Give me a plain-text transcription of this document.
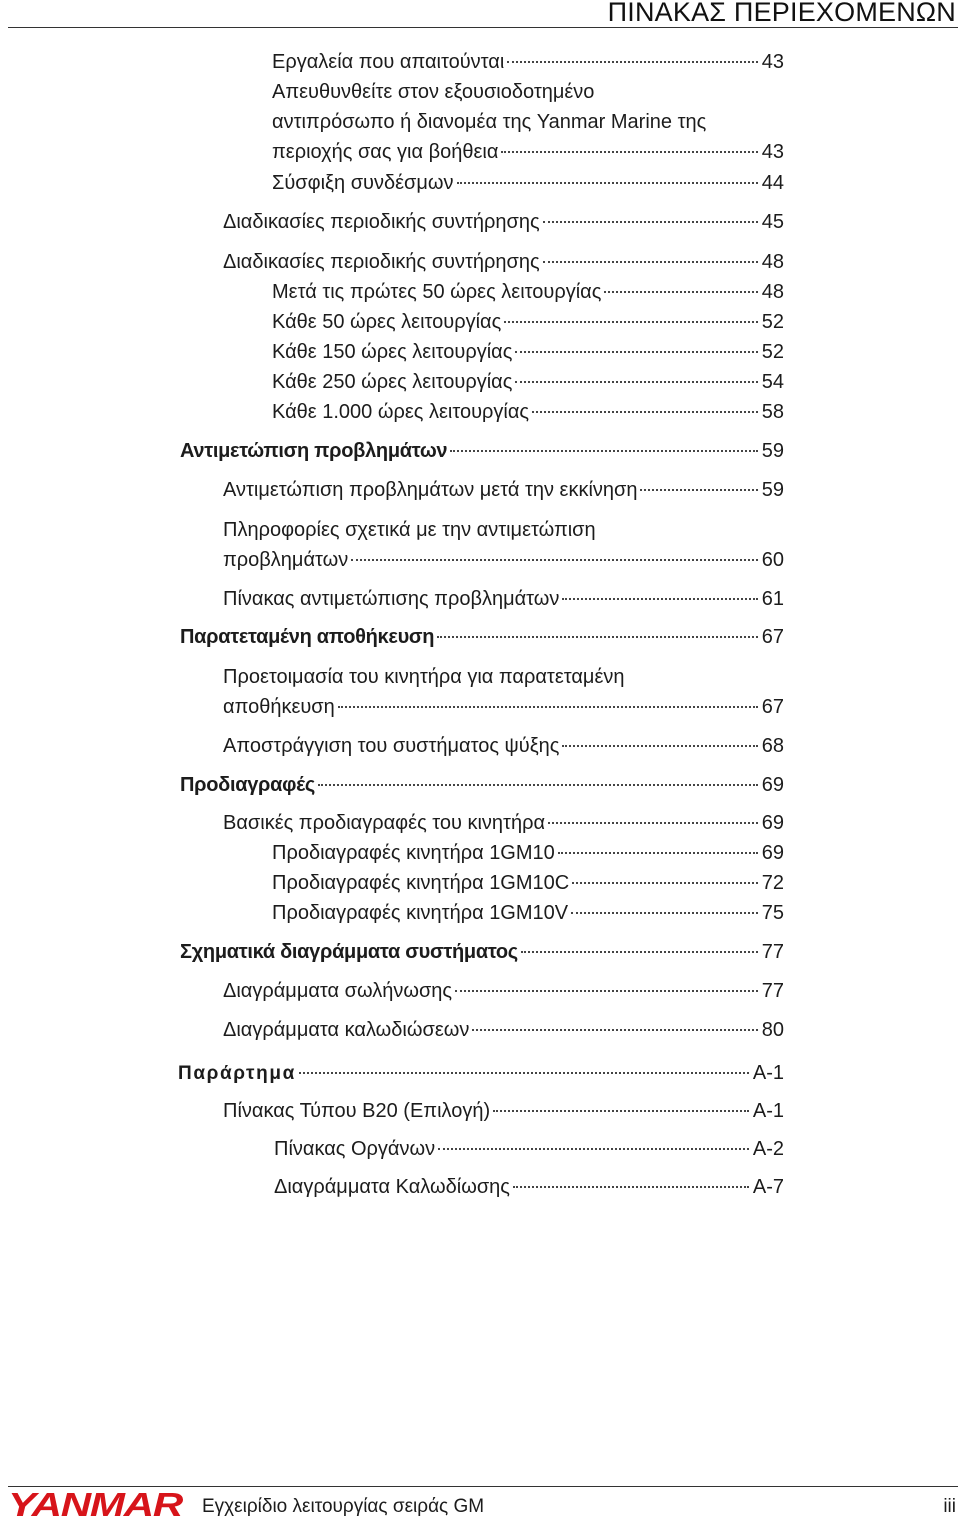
ΠΙΝΑΚΑΣ ΠΕΡΙΕΧΟΜΕΝΩΝ
Εργαλεία που απαιτούνται	43
Απευθυνθείτε στον εξουσιοδοτημένο
αντιπρόσωπο ή διανομέα της Yanmar Marine της
περιοχής σας για βοήθεια	43
Σύσφιξη συνδέσμων	44
Διαδικασίες περιοδικής συντήρησης	45
Διαδικασίες περιοδικής συντήρησης	48
Μετά τις πρώτες 50 ώρες λειτουργίας	48
Κάθε 50 ώρες λειτουργίας	52
Κάθε 150 ώρες λειτουργίας	52
Κάθε 250 ώρες λειτουργίας	54
Κάθε 1.000 ώρες λειτουργίας	58
Αντιμετώπιση προβλημάτων	59
Αντιμετώπιση προβλημάτων μετά την εκκίνηση	59
Πληροφορίες σχετικά με την αντιμετώπιση
προβλημάτων	60
Πίνακας αντιμετώπισης προβλημάτων	61
Παρατεταμένη αποθήκευση	67
Προετοιμασία του κινητήρα για παρατεταμένη
αποθήκευση	67
Αποστράγγιση του συστήματος ψύξης	68
Προδιαγραφές	69
Βασικές προδιαγραφές του κινητήρα	69
Προδιαγραφές κινητήρα 1GM10	69
Προδιαγραφές κινητήρα 1GM10C	72
Προδιαγραφές κινητήρα 1GM10V	75
Σχηματικά διαγράμματα συστήματος	77
Διαγράμματα σωλήνωσης	77
Διαγράμματα καλωδιώσεων	80
Παράρτημα	A-1
Πίνακας Τύπου B20 (Επιλογή)	A-1
Πίνακας Οργάνων	A-2
Διαγράμματα Καλωδίωσης	A-7
YANMAR Εγχειρίδιο λειτουργίας σειράς GM	iii
